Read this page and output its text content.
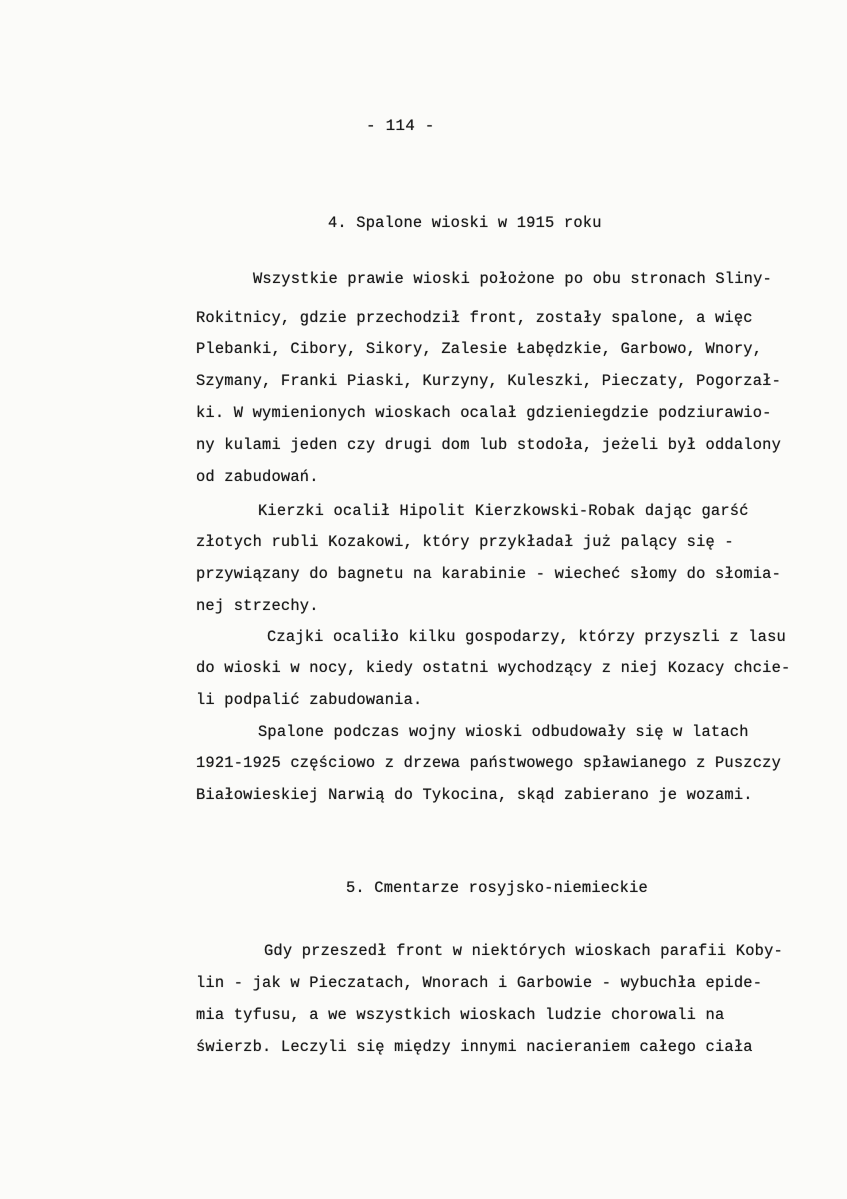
- 114 -
4. Spalone wioski w 1915 roku
Wszystkie prawie wioski położone po obu stronach Sliny-
Rokitnicy, gdzie przechodził front, zostały spalone, a więc
Plebanki, Cibory, Sikory, Zalesie Łabędzkie, Garbowo, Wnory,
Szymany, Franki Piaski, Kurzyny, Kuleszki, Pieczaty, Pogorzał-
ki. W wymienionych wioskach ocalał gdzieniegdzie podziurawio-
ny kulami jeden czy drugi dom lub stodoła, jeżeli był oddalony
od zabudowań.
Kierzki ocalił Hipolit Kierzkowski-Robak dając garść
złotych rubli Kozakowi, który przykładał już palący się -
przywiązany do bagnetu na karabinie - wiecheć słomy do słomia-
nej strzechy.
Czajki ocaliło kilku gospodarzy, którzy przyszli z lasu
do wioski w nocy, kiedy ostatni wychodzący z niej Kozacy chcie-
li podpalić zabudowania.
Spalone podczas wojny wioski odbudowały się w latach
1921-1925 częściowo z drzewa państwowego spławianego z Puszczy
Białowieskiej Narwią do Tykocina, skąd zabierano je wozami.
5. Cmentarze rosyjsko-niemieckie
Gdy przeszedł front w niektórych wioskach parafii Koby-
lin - jak w Pieczatach, Wnorach i Garbowie - wybuchła epide-
mia tyfusu, a we wszystkich wioskach ludzie chorowali na
świerzb. Leczyli się między innymi nacieraniem całego ciała
